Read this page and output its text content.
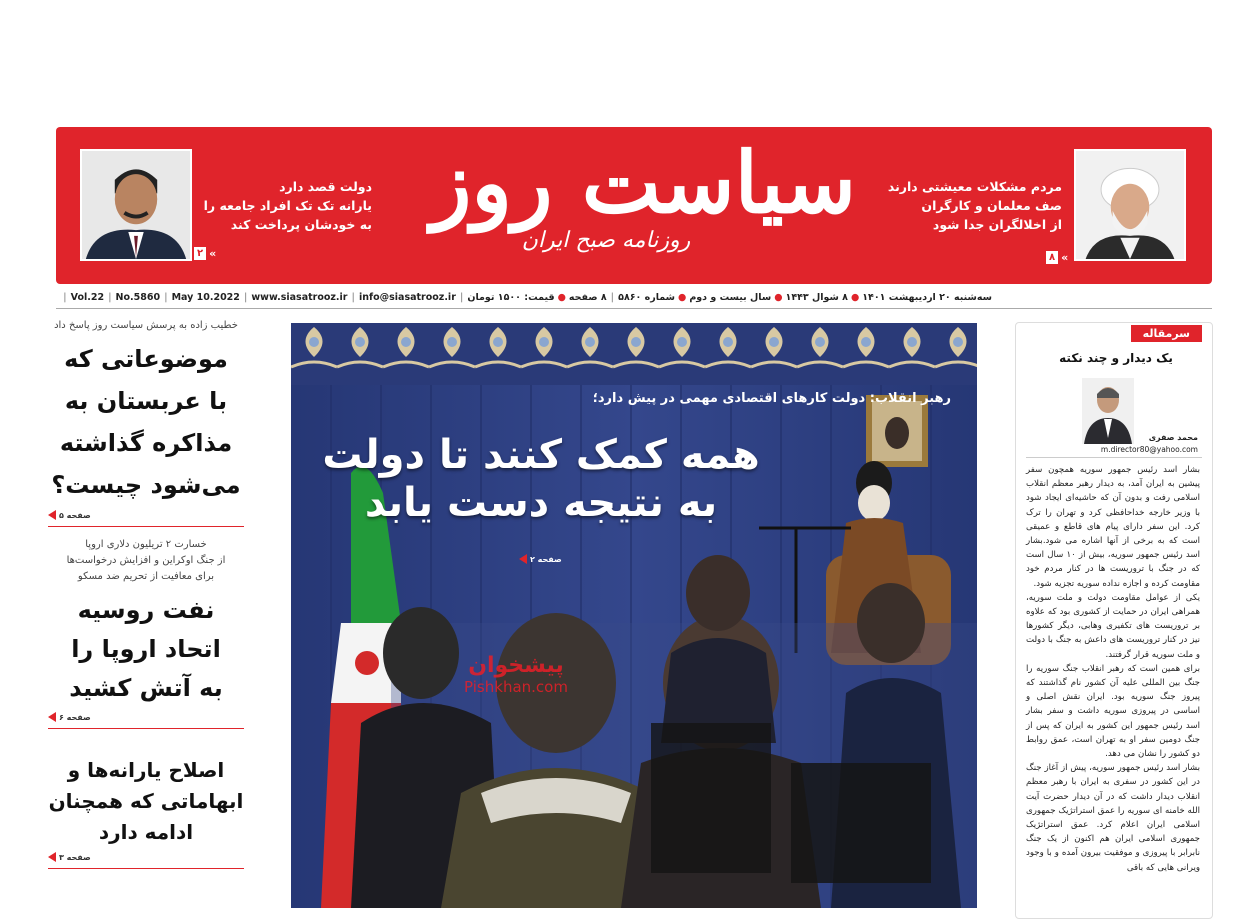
مردم مشکلات معیشتی دارند
صف معلمان و کارگران
از اخلالگران جدا شود
۸ «
سیاست روز
روزنامه صبح ایران
دولت قصد دارد
یارانه تک تک افراد جامعه را
به خودشان پرداخت کند
۲ «
سه‌شنبه ۲۰ اردیبهشت ۱۴۰۱●۸ شوال ۱۴۴۳●سال بیست و دوم●شماره ۵۸۶۰|۸ صفحه●قیمت: ۱۵۰۰ تومان|
| Vol.22 | No.5860 | May 10.2022 | www.siasatrooz.ir | info@siasatrooz.ir
خطیب زاده به پرسش سیاست روز پاسخ داد
موضوعاتی که
با عربستان به
مذاکره گذاشته
می‌شود چیست؟
صفحه ۵
خسارت ۲ تریلیون دلاری اروپا
از جنگ اوکراین و افزایش درخواست‌ها
برای معافیت از تحریم ضد مسکو
نفت روسیه
اتحاد اروپا را
به آتش کشید
صفحه ۶
اصلاح یارانه‌ها و
ابهاماتی که همچنان
ادامه دارد
صفحه ۳
رهبر انقلاب: دولت کارهای اقتصادی مهمی در پیش دارد؛
همه کمک کنند تا دولت
به نتیجه دست یابد
صفحه ۲
پیشخوان
Pishkhan.com
سرمقاله
یک دیدار و چند نکته
محمد صفری
m.director80@yahoo.com

بشار اسد رئیس جمهور سوریه همچون سفر پیشین به ایران آمد، به دیدار رهبر معظم انقلاب اسلامی رفت و بدون آن که حاشیه‌ای ایجاد شود با وزیر خارجه خداحافظی کرد و تهران را ترک کرد. این سفر دارای پیام های قاطع و عمیقی است که به برخی از آنها اشاره می شود.بشار اسد رئیس جمهور سوریه، بیش از ۱۰ سال است که در جنگ با تروریست ها در کنار مردم خود مقاومت کرده و اجازه نداده سوریه تجزیه شود.

یکی از عوامل مقاومت دولت و ملت سوریه، همراهی ایران در حمایت از کشوری بود که علاوه بر تروریست های تکفیری وهابی، دیگر کشورها نیز در کنار تروریست های داعش به جنگ با دولت و ملت سوریه قرار گرفتند.

برای همین است که رهبر انقلاب جنگ سوریه را جنگ بین المللی علیه آن کشور نام گذاشتند که پیروز جنگ سوریه بود. ایران نقش اصلی و اساسی در پیروزی سوریه داشت و سفر بشار اسد رئیس جمهور این کشور به ایران که پس از جنگ دومین سفر او به تهران است، عمق روابط دو کشور را نشان می دهد.

بشار اسد رئیس جمهور سوریه، پیش از آغاز جنگ در این کشور در سفری به ایران با رهبر معظم انقلاب دیدار داشت که در آن دیدار حضرت آیت الله خامنه ای سوریه را عمق استراتژیک جمهوری اسلامی ایران اعلام کرد. عمق استراتژیک جمهوری اسلامی ایران هم اکنون از یک جنگ نابرابر با پیروزی و موفقیت بیرون آمده و با وجود ویرانی هایی که باقی
